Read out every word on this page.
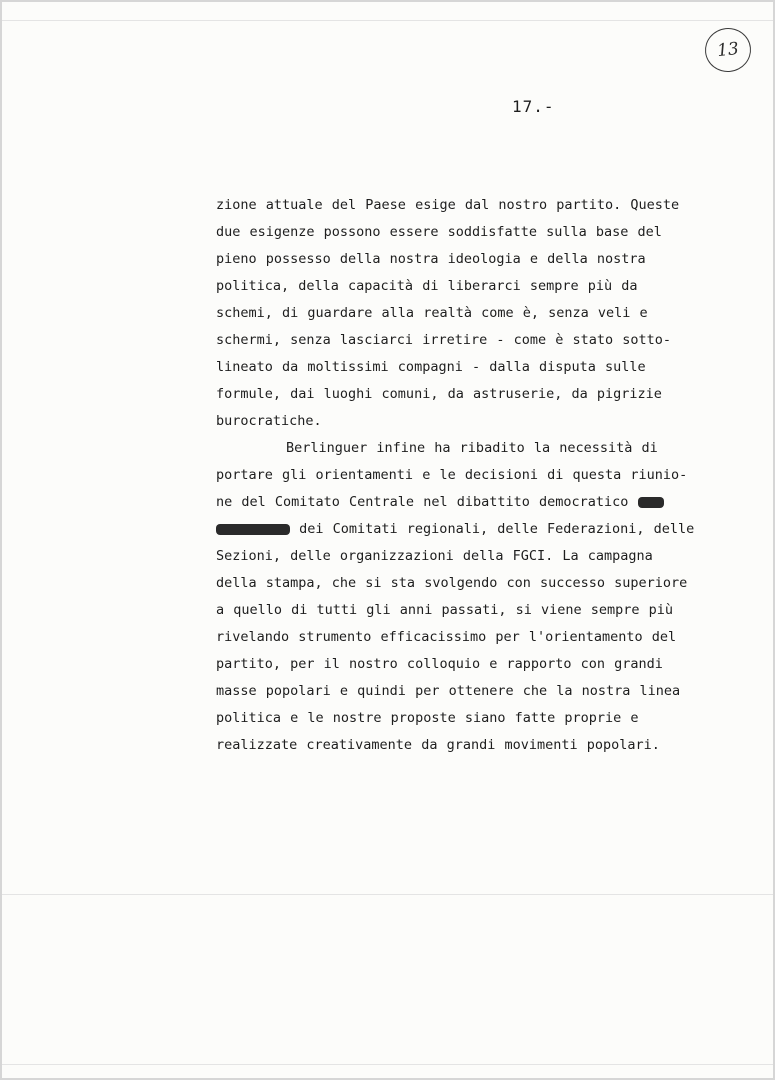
13
17.-
zione attuale del Paese esige dal nostro partito. Queste
due esigenze possono essere soddisfatte sulla base del
pieno possesso della nostra ideologia e della nostra
politica, della capacità di liberarci sempre più da
schemi, di guardare alla realtà come è, senza veli e
schermi, senza lasciarci irretire - come è stato sotto-
lineato da moltissimi compagni - dalla disputa sulle
formule, dai luoghi comuni, da astruserie, da pigrizie
burocratiche.
Berlinguer infine ha ribadito la necessità di
portare gli orientamenti e le decisioni di questa riunio-
ne del Comitato Centrale nel dibattito democratico
dei Comitati regionali, delle Federazioni, delle
Sezioni, delle organizzazioni della FGCI. La campagna
della stampa, che si sta svolgendo con successo superiore
a quello di tutti gli anni passati, si viene sempre più
rivelando strumento efficacissimo per l'orientamento del
partito, per il nostro colloquio e rapporto con grandi
masse popolari e quindi per ottenere che la nostra linea
politica e le nostre proposte siano fatte proprie e
realizzate creativamente da grandi movimenti popolari.
